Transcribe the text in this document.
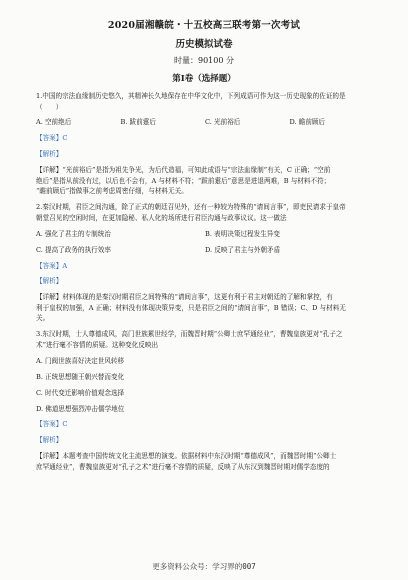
2020届湘赣皖・十五校高三联考第一次考试
历史模拟试卷
时量：90100 分
第Ⅰ卷（选择题）
1.中国的宗法血缘制历史悠久，其精神长久地保存在中华文化中，下列成语可作为这一历史现象的佐证的是
（　　）
A. 空前绝后	B. 跋前疐后	C. 光前裕后	D. 瞻前顾后
【答案】C
【解析】
【详解】“光前裕后”是指为祖先争光，为后代造福，可知此成语与“宗法血缘制”有关，C 正确；“空前
绝后”是指从前没有过，以后也不会有，A 与材料不符；“跋前疐后”意思是进退两难，B 与材料不符；
“瞻前顾后”指做事之前考虑周密仔细，与材料无关。
2.秦汉时期，君臣之间沟通，除了正式的朝廷召见外，还有一种较为特殊的“请间言事”，即吏民请求于皇帝
朝堂召见的空闲时间，在更加隐秘、私人化的场所进行君臣沟通与政事议议。这一做法
A. 强化了君主的专制统治	B. 表明决策过程发生异变
C. 提高了政务的执行效率	D. 反映了君主与外朝矛盾
【答案】A
【解析】
【详解】材料体现的是秦汉时期君臣之间特殊的“请间言事”，这更有利于君主对朝廷的了解和掌控，有
利于皇权的加强，A 正确；材料没有体现决策异变，只是君臣之间的“请间言事”，B 错误；C、D 与材料无
关。
3.东汉时期，士人尊德成风，高门世族累世经学，而魏晋时期“公卿士庶罕通经业”，曹魏皇族更对“孔子之
术”进行毫不容情的质疑。这种变化反映出
A. 门阀世族喜好决定世风转移
B. 正统思想随王朝兴替而变化
C. 时代变迁影响价值观念选择
D. 佛道思想强烈冲击儒学地位
【答案】C
【解析】
【详解】本题考查中国传统文化主流思想的演变。依据材料中东汉时期“尊德成风”，而魏晋时期“公卿士
庶罕通经业”，曹魏皇族更对“孔子之术”进行毫不容情的质疑，反映了从东汉到魏晋时期对儒学态度的
更多资料公众号：学习界的007
